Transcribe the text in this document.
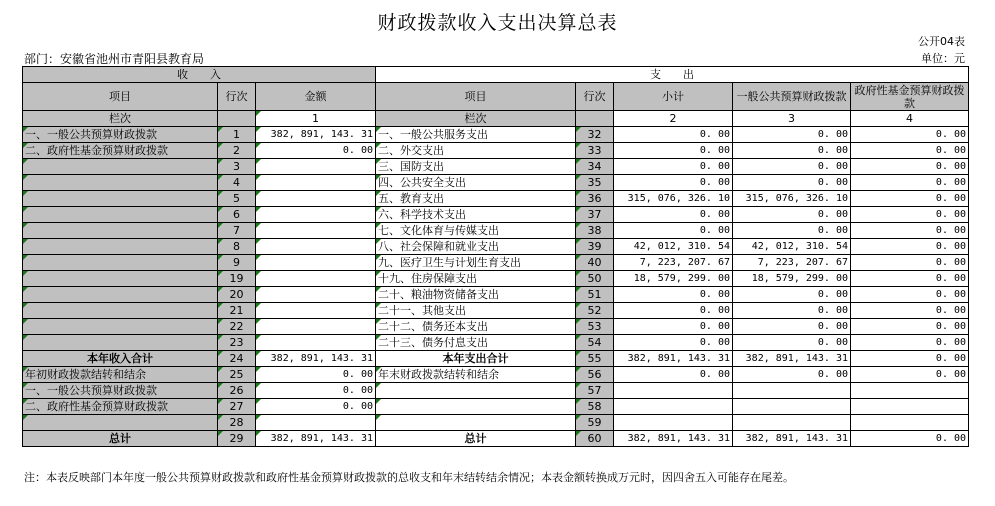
财政拨款收入支出决算总表
公开04表
部门：安徽省池州市青阳县教育局	单位：元
收　　入			支　　出				
项目	行次	金额	项目	行次	小计	一般公共预算财政拨款	政府性基金预算财政拨款
栏次		1	栏次		2	3	4
一、一般公共预算财政拨款	1	382, 891, 143. 31	一、一般公共服务支出	32	0. 00	0. 00	0. 00
二、政府性基金预算财政拨款	2	0. 00	二、外交支出	33	0. 00	0. 00	0. 00
	3		三、国防支出	34	0. 00	0. 00	0. 00
	4		四、公共安全支出	35	0. 00	0. 00	0. 00
	5		五、教育支出	36	315, 076, 326. 10	315, 076, 326. 10	0. 00
	6		六、科学技术支出	37	0. 00	0. 00	0. 00
	7		七、文化体育与传媒支出	38	0. 00	0. 00	0. 00
	8		八、社会保障和就业支出	39	42, 012, 310. 54	42, 012, 310. 54	0. 00
	9		九、医疗卫生与计划生育支出	40	7, 223, 207. 67	7, 223, 207. 67	0. 00
	19		十九、住房保障支出	50	18, 579, 299. 00	18, 579, 299. 00	0. 00
	20		二十、粮油物资储备支出	51	0. 00	0. 00	0. 00
	21		二十一、其他支出	52	0. 00	0. 00	0. 00
	22		二十二、债务还本支出	53	0. 00	0. 00	0. 00
	23		二十三、债务付息支出	54	0. 00	0. 00	0. 00
本年收入合计	24	382, 891, 143. 31	本年支出合计	55	382, 891, 143. 31	382, 891, 143. 31	0. 00
年初财政拨款结转和结余	25	0. 00	年末财政拨款结转和结余	56	0. 00	0. 00	0. 00
一、一般公共预算财政拨款	26	0. 00		57			
二、政府性基金预算财政拨款	27	0. 00		58			
	28			59			
总计	29	382, 891, 143. 31	总计	60	382, 891, 143. 31	382, 891, 143. 31	0. 00
注：本表反映部门本年度一般公共预算财政拨款和政府性基金预算财政拨款的总收支和年末结转结余情况；本表金额转换成万元时，因四舍五入可能存在尾差。
